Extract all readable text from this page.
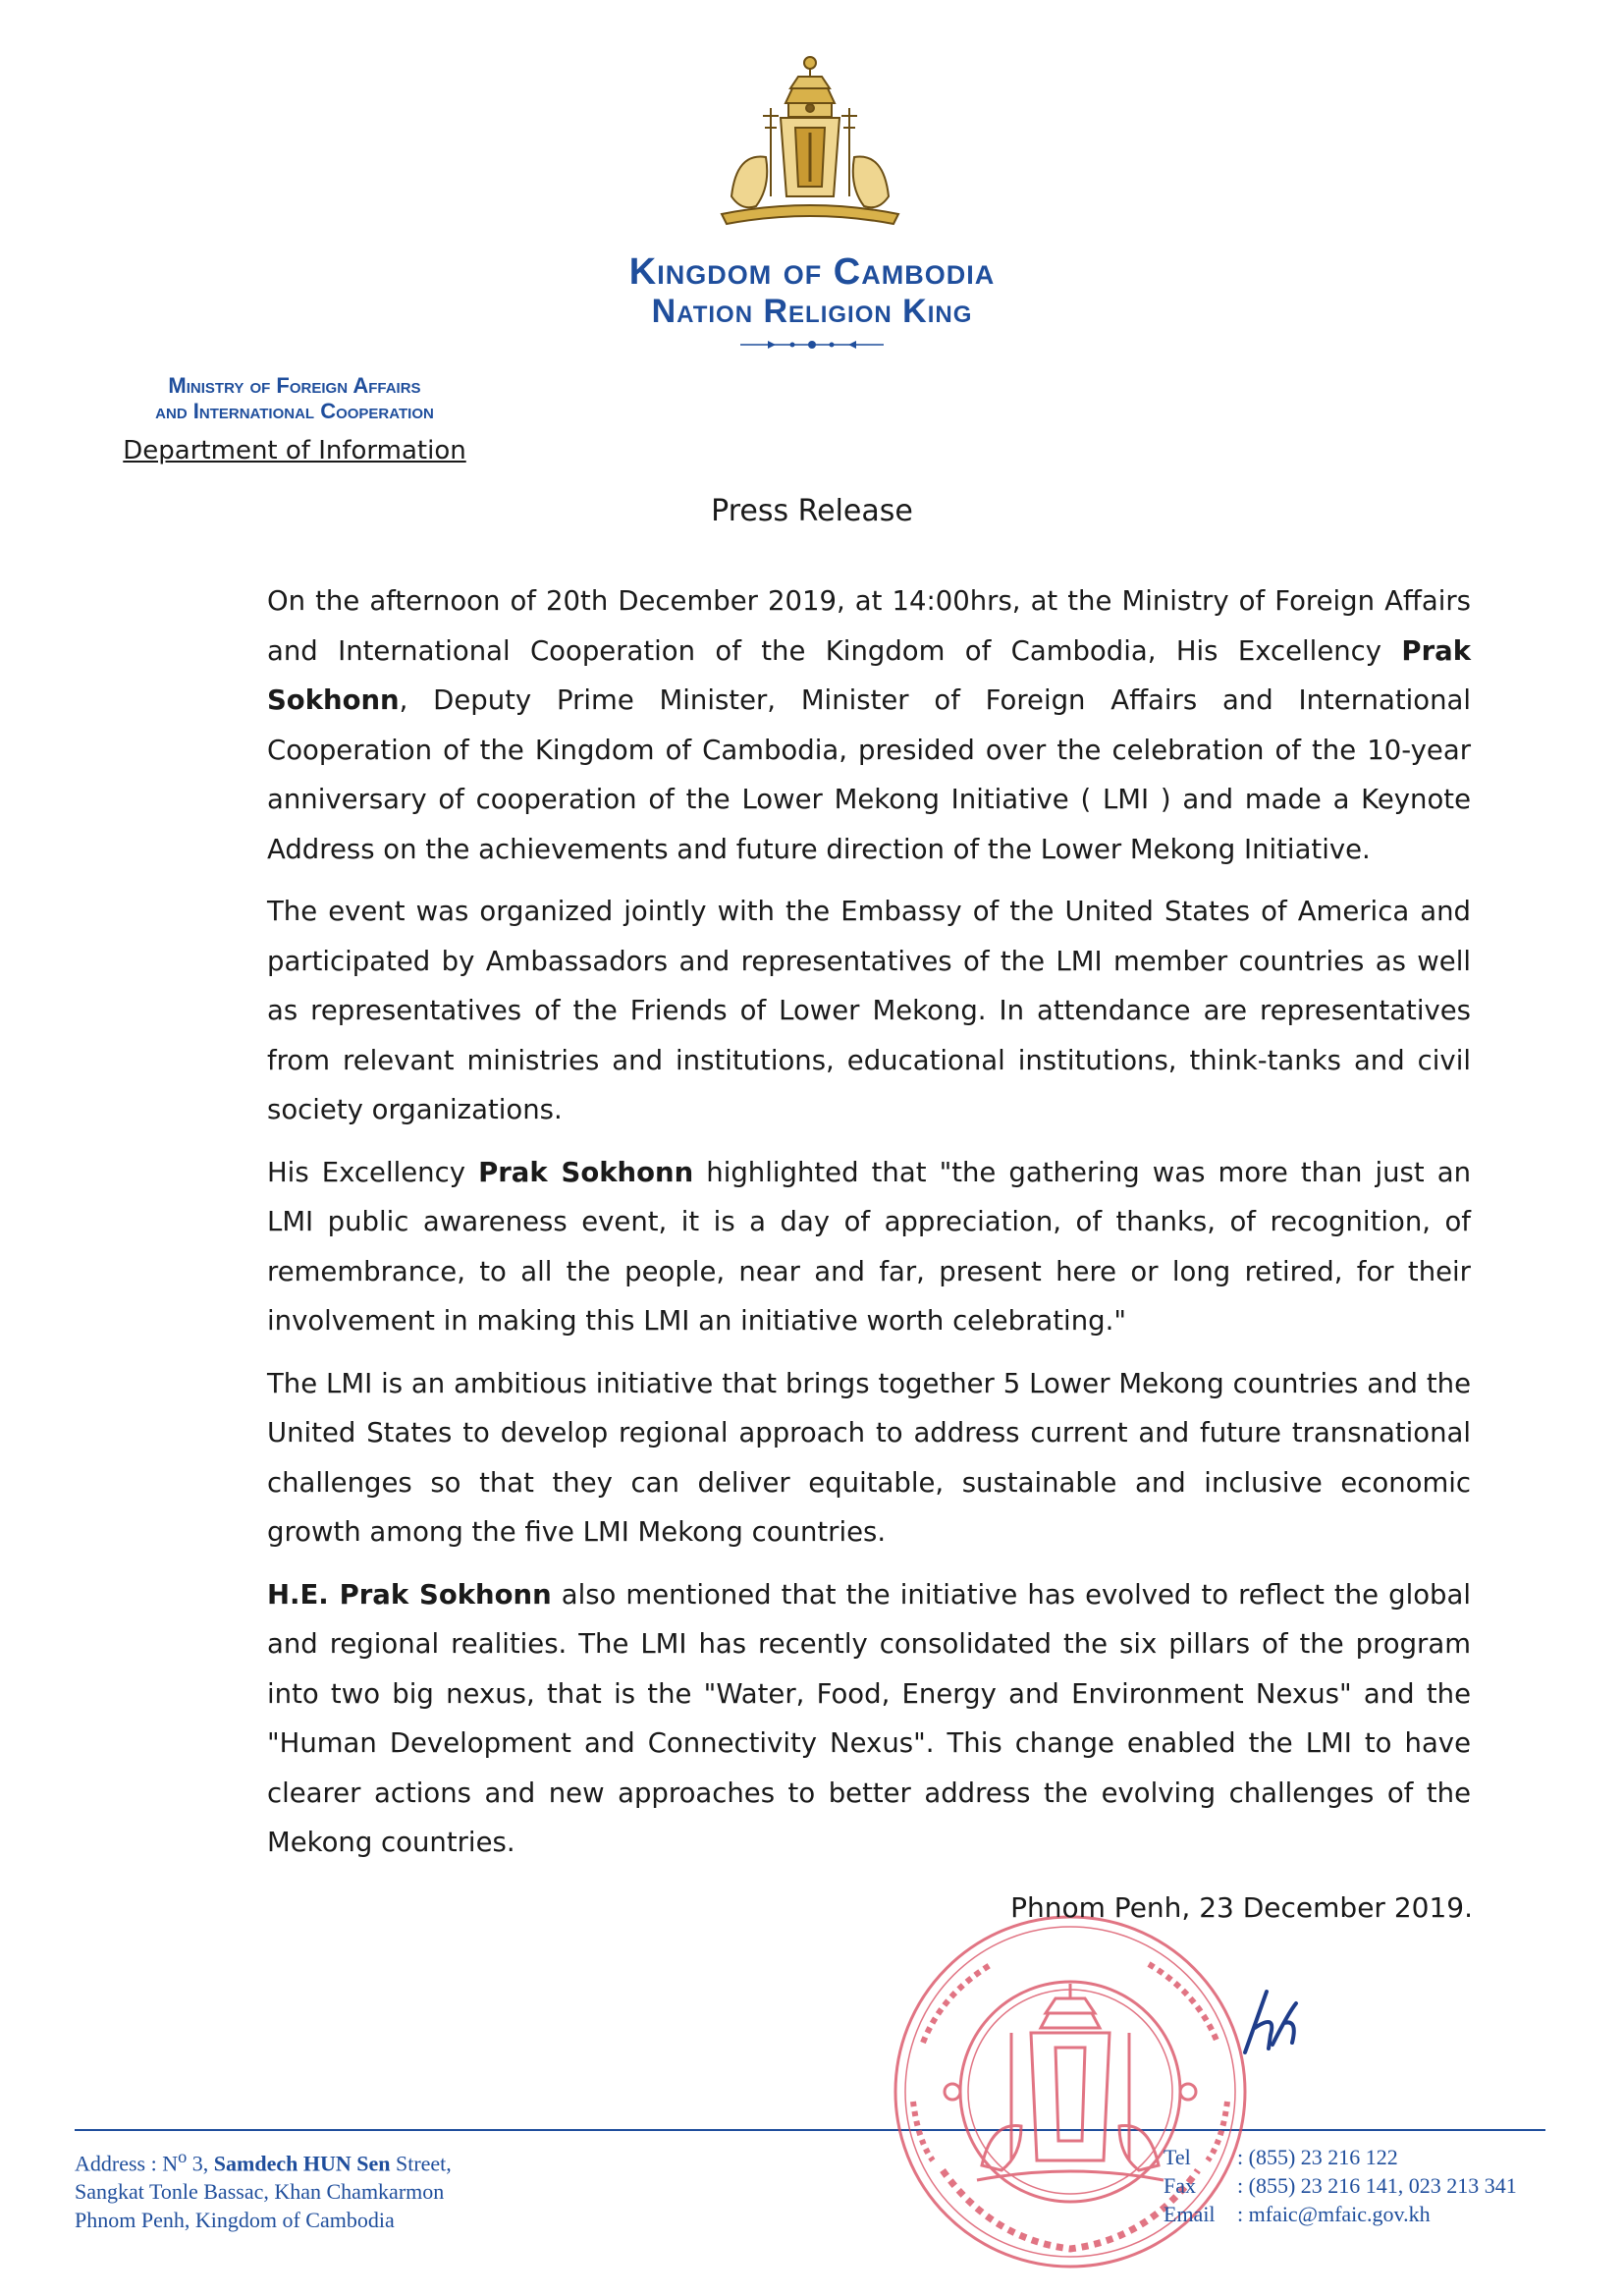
Kingdom of Cambodia
Nation Religion King
Ministry of Foreign Affairs
and International Cooperation
Department of Information
Press Release

On the afternoon of 20th December 2019, at 14:00hrs, at the Ministry of Foreign Affairs and International Cooperation of the Kingdom of Cambodia, His Excellency Prak Sokhonn, Deputy Prime Minister, Minister of Foreign Affairs and International Cooperation of the Kingdom of Cambodia, presided over the celebration of the 10-year anniversary of cooperation of the Lower Mekong Initiative ( LMI ) and made a Keynote Address on the achievements and future direction of the Lower Mekong Initiative.

The event was organized jointly with the Embassy of the United States of America and participated by Ambassadors and representatives of the LMI member countries as well as representatives of the Friends of Lower Mekong. In attendance are representatives from relevant ministries and institutions, educational institutions, think-tanks and civil society organizations.

His Excellency Prak Sokhonn highlighted that "the gathering was more than just an LMI public awareness event, it is a day of appreciation, of thanks, of recognition, of remembrance, to all the people, near and far, present here or long retired, for their involvement in making this LMI an initiative worth celebrating."

The LMI is an ambitious initiative that brings together 5 Lower Mekong countries and the United States to develop regional approach to address current and future transnational challenges so that they can deliver equitable, sustainable and inclusive economic growth among the five LMI Mekong countries.

H.E. Prak Sokhonn also mentioned that the initiative has evolved to reflect the global and regional realities. The LMI has recently consolidated the six pillars of the program into two big nexus, that is the "Water, Food, Energy and Environment Nexus" and the "Human Development and Connectivity Nexus". This change enabled the LMI to have clearer actions and new approaches to better address the evolving challenges of the Mekong countries.

Phnom Penh, 23 December 2019.
Address : $N^o$ 3, Samdech HUN Sen Street,
Sangkat Tonle Bassac, Khan Chamkarmon
Phnom Penh, Kingdom of Cambodia
Tel	: (855) 23 216 122
Fax	: (855) 23 216 141, 023 213 341
Email	: mfaic@mfaic.gov.kh
